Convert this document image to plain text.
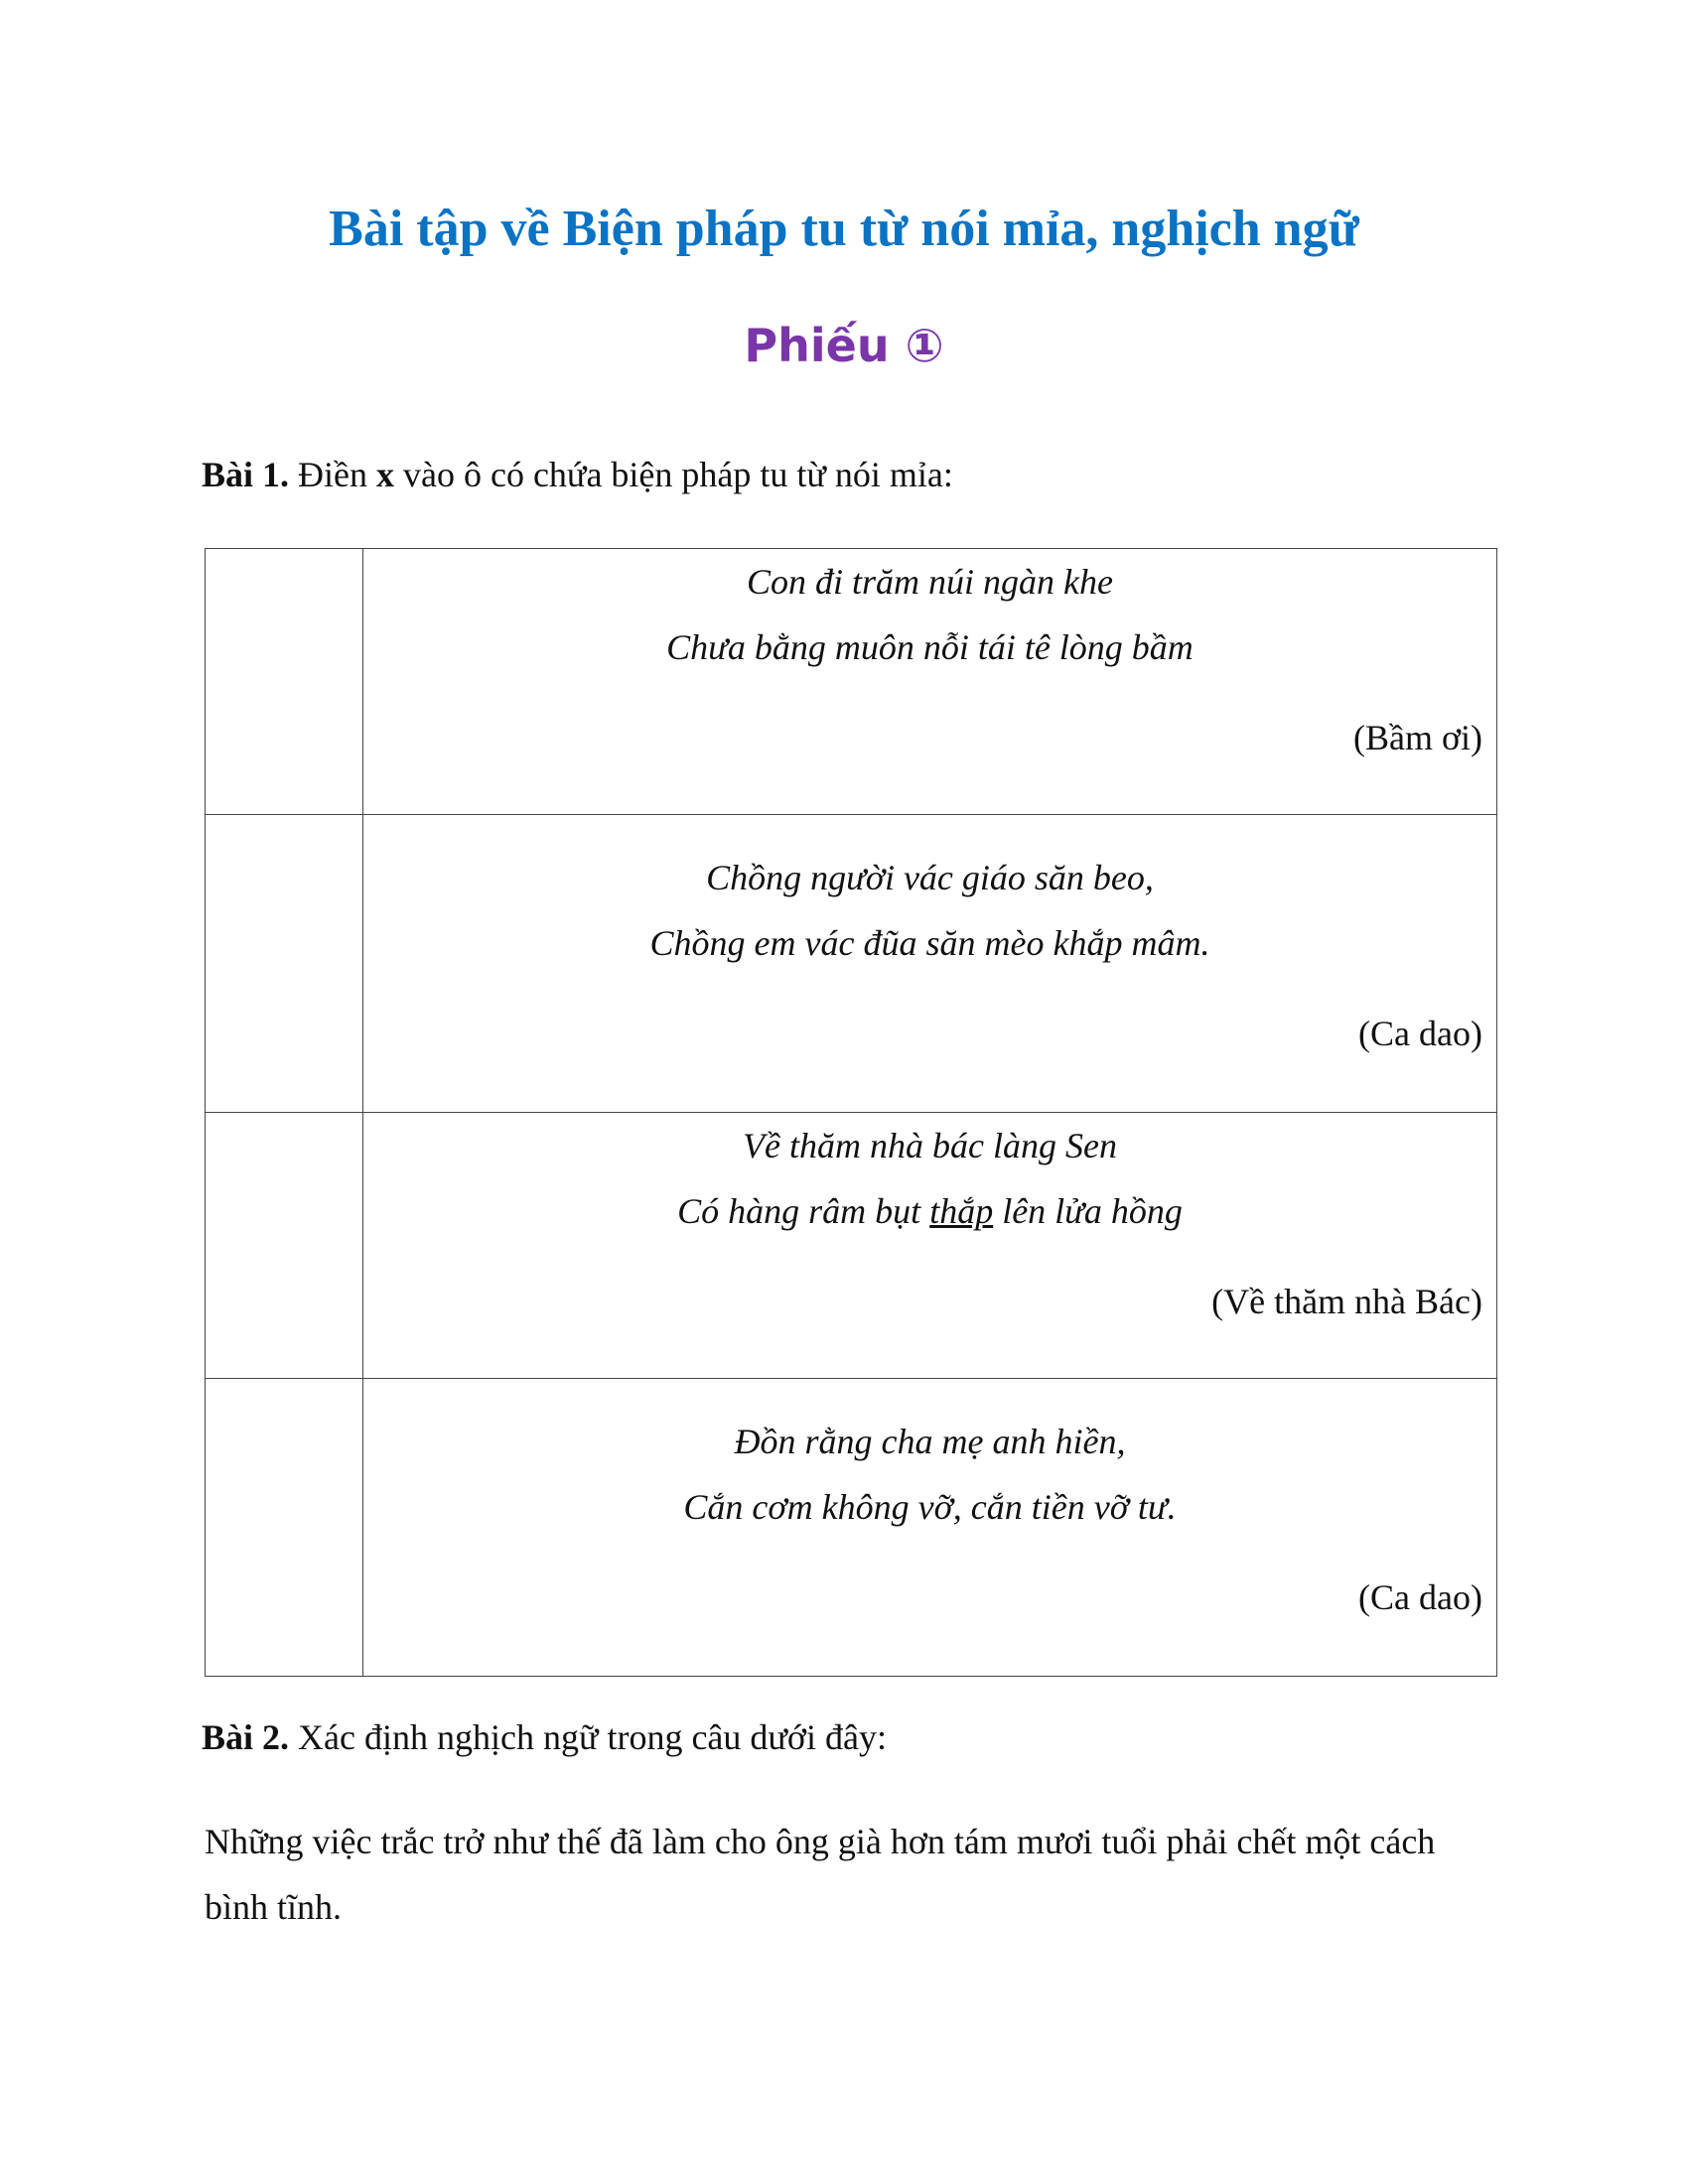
Bài tập về Biện pháp tu từ nói mỉa, nghịch ngữ
Phiếu ①

Bài 1. Điền x vào ô có chứa biện pháp tu từ nói mỉa:

	Con đi trăm núi ngàn khe
Chưa bằng muôn nỗi tái tê lòng bầm
(Bầm ơi)

	Chồng người vác giáo săn beo,
Chồng em vác đũa săn mèo khắp mâm.
(Ca dao)

	Về thăm nhà bác làng Sen
Có hàng râm bụt thắp lên lửa hồng
(Về thăm nhà Bác)

	Đồn rằng cha mẹ anh hiền,
Cắn cơm không vỡ, cắn tiền vỡ tư.
(Ca dao)

Bài 2. Xác định nghịch ngữ trong câu dưới đây:

Những việc trắc trở như thế đã làm cho ông già hơn tám mươi tuổi phải chết một cách bình tĩnh.
